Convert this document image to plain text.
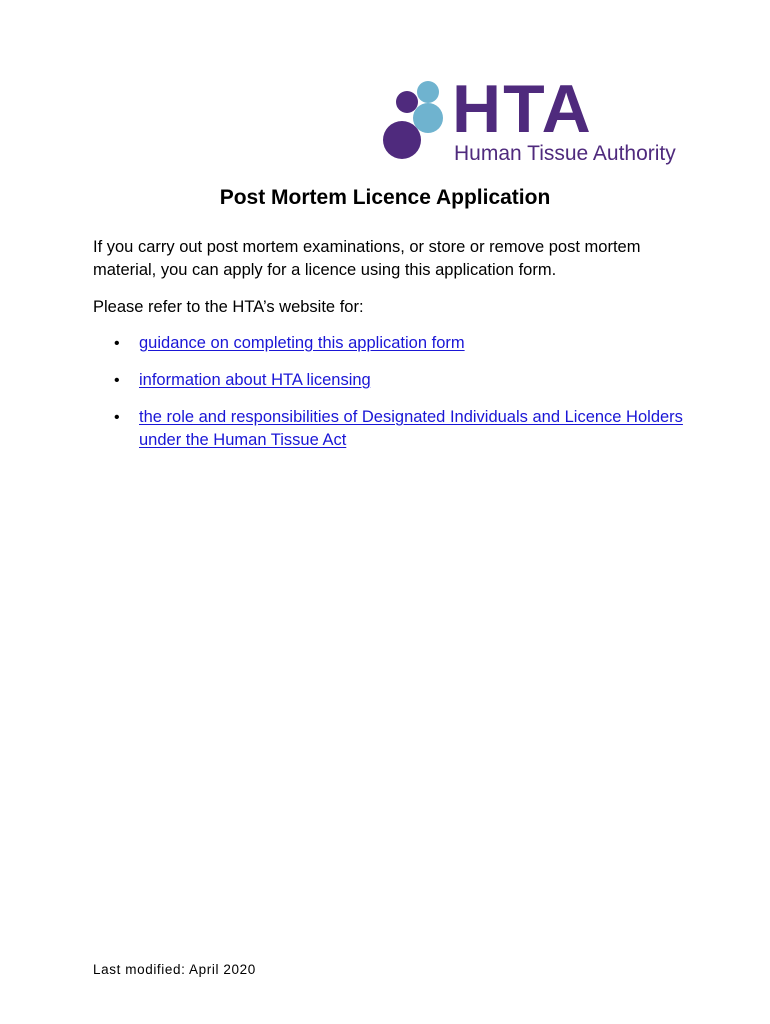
HTA
Human Tissue Authority
Post Mortem Licence Application

If you carry out post mortem examinations, or store or remove post mortem material, you can apply for a licence using this application form.

Please refer to the HTA’s website for:

• guidance on completing this application form
• information about HTA licensing
• the role and responsibilities of Designated Individuals and Licence Holders under the Human Tissue Act

Last modified: April 2020
